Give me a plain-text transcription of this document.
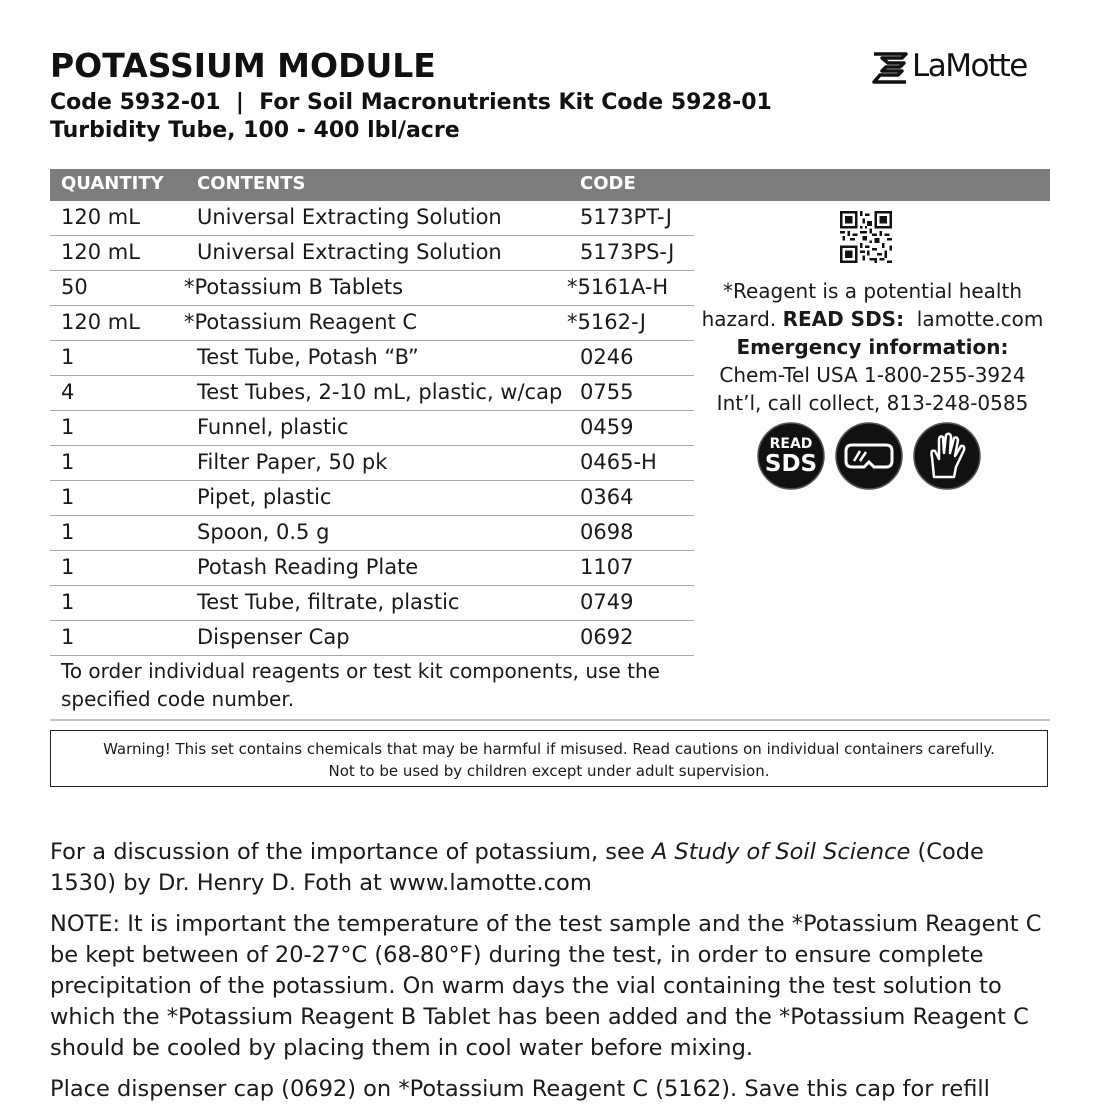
POTASSIUM MODULE
Code 5932-01  |  For Soil Macronutrients Kit Code 5928-01
Turbidity Tube, 100 - 400 lbl/acre
LaMotte
QUANTITY CONTENTS	CODE
120 mL	Universal Extracting Solution	5173PT-J
120 mL	Universal Extracting Solution	5173PS-J
50	*Potassium B Tablets	*5161A-H
120 mL *Potassium Reagent C	*5162-J
1	Test Tube, Potash “B”	0246
4	Test Tubes, 2-10 mL, plastic, w/cap 0755
1	Funnel, plastic	0459
1	Filter Paper, 50 pk	0465-H
1	Pipet, plastic	0364
1	Spoon, 0.5 g	0698
1	Potash Reading Plate	1107
1	Test Tube, filtrate, plastic	0749
1	Dispenser Cap	0692

To order individual reagents or test kit components, use the specified code number.

*Reagent is a potential health
hazard. READ SDS:  lamotte.com
Emergency information:
Chem-Tel USA 1-800-255-3924
Int’l, call collect, 813-248-0585
READ
SDS
Warning! This set contains chemicals that may be harmful if misused. Read cautions on individual containers carefully.
Not to be used by children except under adult supervision.

For a discussion of the importance of potassium, see A Study of Soil Science (Code 1530) by Dr. Henry D. Foth at www.lamotte.com

NOTE: It is important the temperature of the test sample and the *Potassium Reagent C be kept between of 20-27°C (68-80°F) during the test, in order to ensure complete precipitation of the potassium. On warm days the vial containing the test solution to which the *Potassium Reagent B Tablet has been added and the *Potassium Reagent C should be cooled by placing them in cool water before mixing.

Place dispenser cap (0692) on *Potassium Reagent C (5162). Save this cap for refill
